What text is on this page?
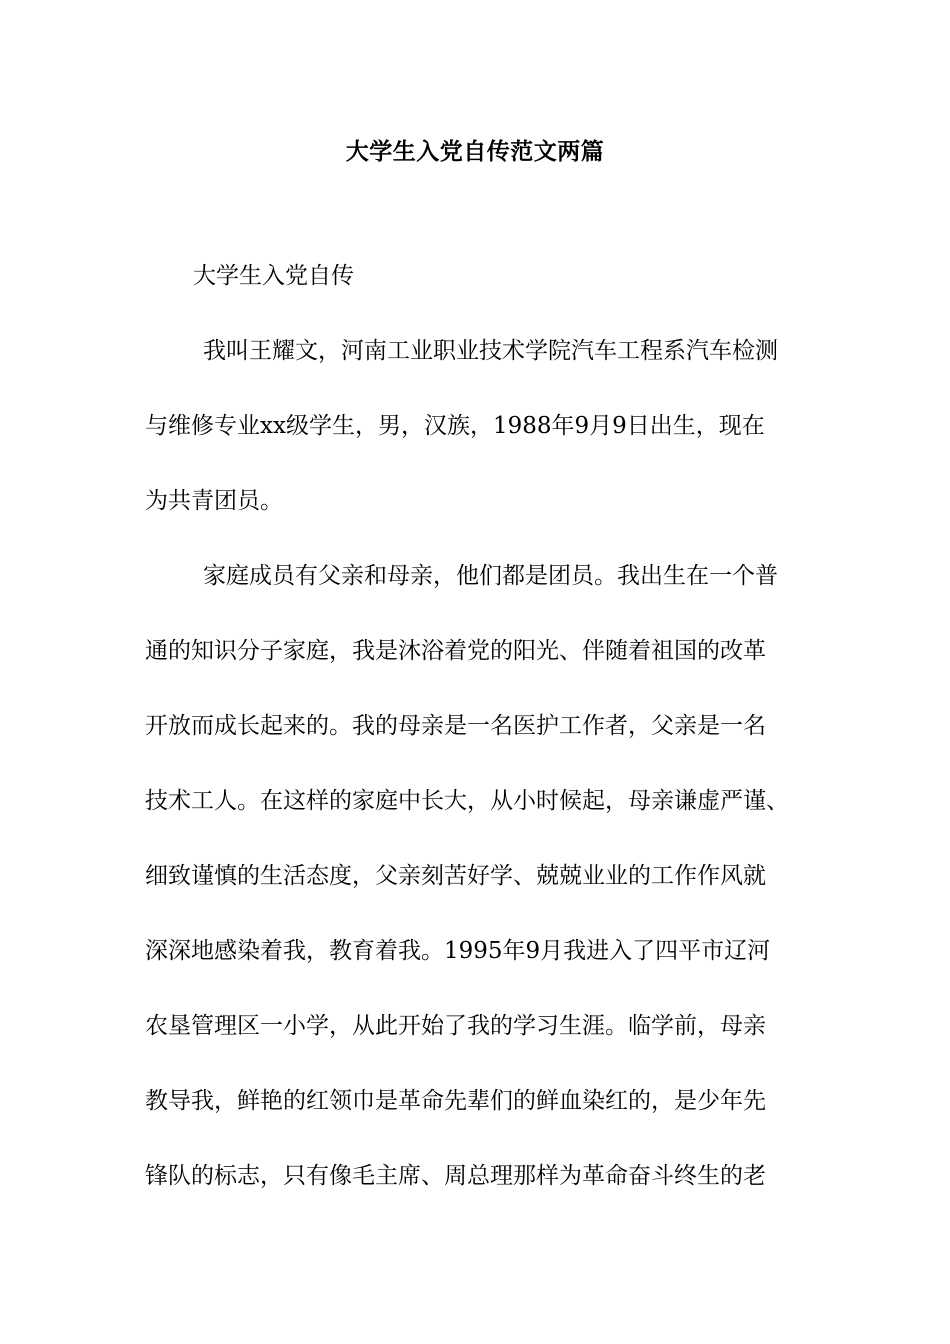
大学生入党自传范文两篇
大学生入党自传
我叫王耀文，河南工业职业技术学院汽车工程系汽车检测
与维修专业xx级学生，男，汉族，1988年9月9日出生，现在
为共青团员。
家庭成员有父亲和母亲，他们都是团员。我出生在一个普
通的知识分子家庭，我是沐浴着党的阳光、伴随着祖国的改革
开放而成长起来的。我的母亲是一名医护工作者，父亲是一名
技术工人。在这样的家庭中长大，从小时候起，母亲谦虚严谨、
细致谨慎的生活态度，父亲刻苦好学、兢兢业业的工作作风就
深深地感染着我，教育着我。1995年9月我进入了四平市辽河
农垦管理区一小学，从此开始了我的学习生涯。临学前，母亲
教导我，鲜艳的红领巾是革命先辈们的鲜血染红的，是少年先
锋队的标志，只有像毛主席、周总理那样为革命奋斗终生的老
